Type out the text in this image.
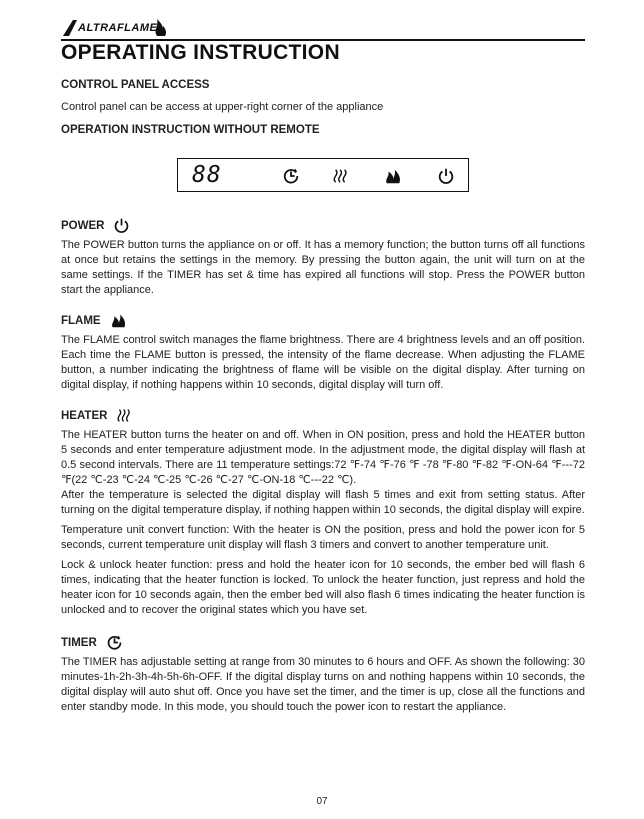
ALTRAFLAME
OPERATING INSTRUCTION

CONTROL PANEL ACCESS

Control panel can be access at upper-right corner of the appliance

OPERATION INSTRUCTION WITHOUT REMOTE

88
POWER

The POWER button turns the appliance on or off. It has a memory function; the button turns off all functions at once but retains the settings in the memory. By pressing the button again, the unit will turn on at the same settings. If the TIMER has set & time has expired all functions will stop. Press the POWER button start the appliance.

FLAME

The FLAME control switch manages the flame brightness. There are 4 brightness levels and an off position. Each time the FLAME button is pressed, the intensity of the flame decrease. When adjusting the FLAME button, a number indicating the brightness of flame will be visible on the digital display. After turning on digital display, if nothing happens within 10 seconds, digital display will turn off.

HEATER

The HEATER button turns the heater on and off. When in ON position, press and hold the HEATER button 5 seconds and enter temperature adjustment mode. In the adjustment mode, the digital display will flash at 0.5 second intervals. There are 11 temperature settings:72 ℉-74 ℉-76 ℉ -78 ℉-80 ℉-82 ℉-ON-64 ℉---72 ℉(22 ℃-23 ℃-24 ℃-25 ℃-26 ℃-27 ℃-ON-18 ℃---22 ℃).

After the temperature is selected the digital display will flash 5 times and exit from setting status. After turning on the digital temperature display, if nothing happen within 10 seconds, the digital display will expire.

Temperature unit convert function: With the heater is ON the position, press and hold the power icon for 5 seconds, current temperature unit display will flash 3 timers and convert to another temperature unit.

Lock & unlock heater function: press and hold the heater icon for 10 seconds, the ember bed will flash 6 times, indicating that the heater function is locked. To unlock the heater function, just repress and hold the heater icon for 10 seconds again, then the ember bed will also flash 6 times indicating the heater function is unlocked and to recover the original states which you have set.

TIMER

The TIMER has adjustable setting at range from 30 minutes to 6 hours and OFF. As shown the following: 30 minutes-1h-2h-3h-4h-5h-6h-OFF. If the digital display turns on and nothing happens within 10 seconds, the digital display will auto shut off. Once you have set the timer, and the timer is up, close all the functions and enter standby mode. In this mode, you should touch the power icon to restart the appliance.

07
